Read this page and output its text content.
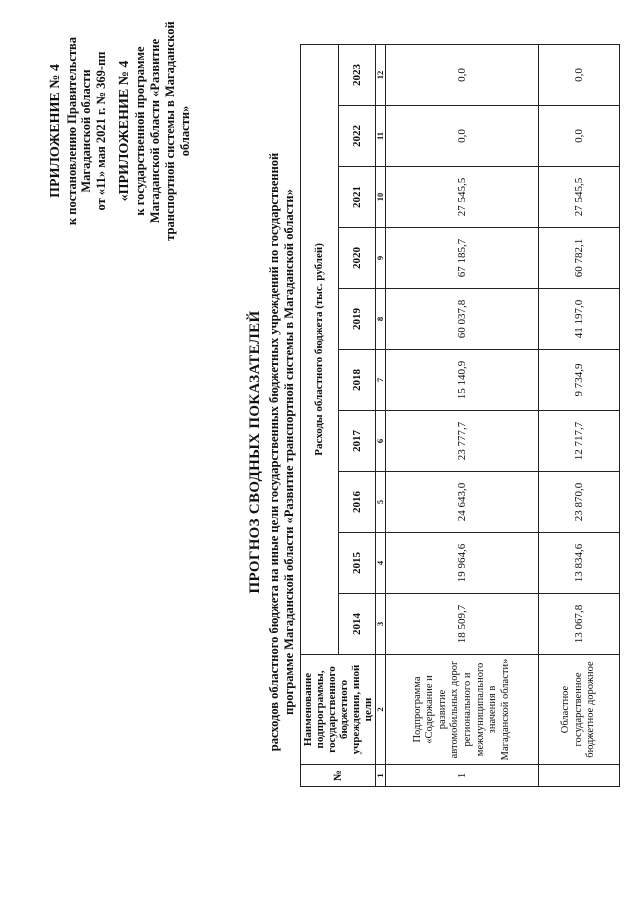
ПРИЛОЖЕНИЕ № 4 к постановлению Правительства Магаданской области от «11» мая 2021 г. № 369-пп «ПРИЛОЖЕНИЕ № 4 к государственной программе Магаданской области «Развитие транспортной системы в Магаданской области»
ПРОГНОЗ СВОДНЫХ ПОКАЗАТЕЛЕЙ расходов областного бюджета на иные цели государственных бюджетных учреждений по государственной программе Магаданской области «Развитие транспортной системы в Магаданской области»
№	Наименование подпрограммы, государственного бюджетного учреждения, иной цели	Расходы областного бюджета (тыс. рублей)									
		2014	2015	2016	2017	2018	2019	2020	2021	2022	2023
1	2	3	4	5	6	7	8	9	10	11	12
1	Подпрограмма «Содержание и развитие автомобильных дорог регионального и межмуниципального значения в Магаданской области»	18 509,7	19 964,6	24 643,0	23 777,7	15 140,9	60 037,8	67 185,7	27 545,5	0,0	0,0
	Областное государственное бюджетное дорожное	13 067,8	13 834,6	23 870,0	12 717,7	9 734,9	41 197,0	60 782,1	27 545,5	0,0	0,0
